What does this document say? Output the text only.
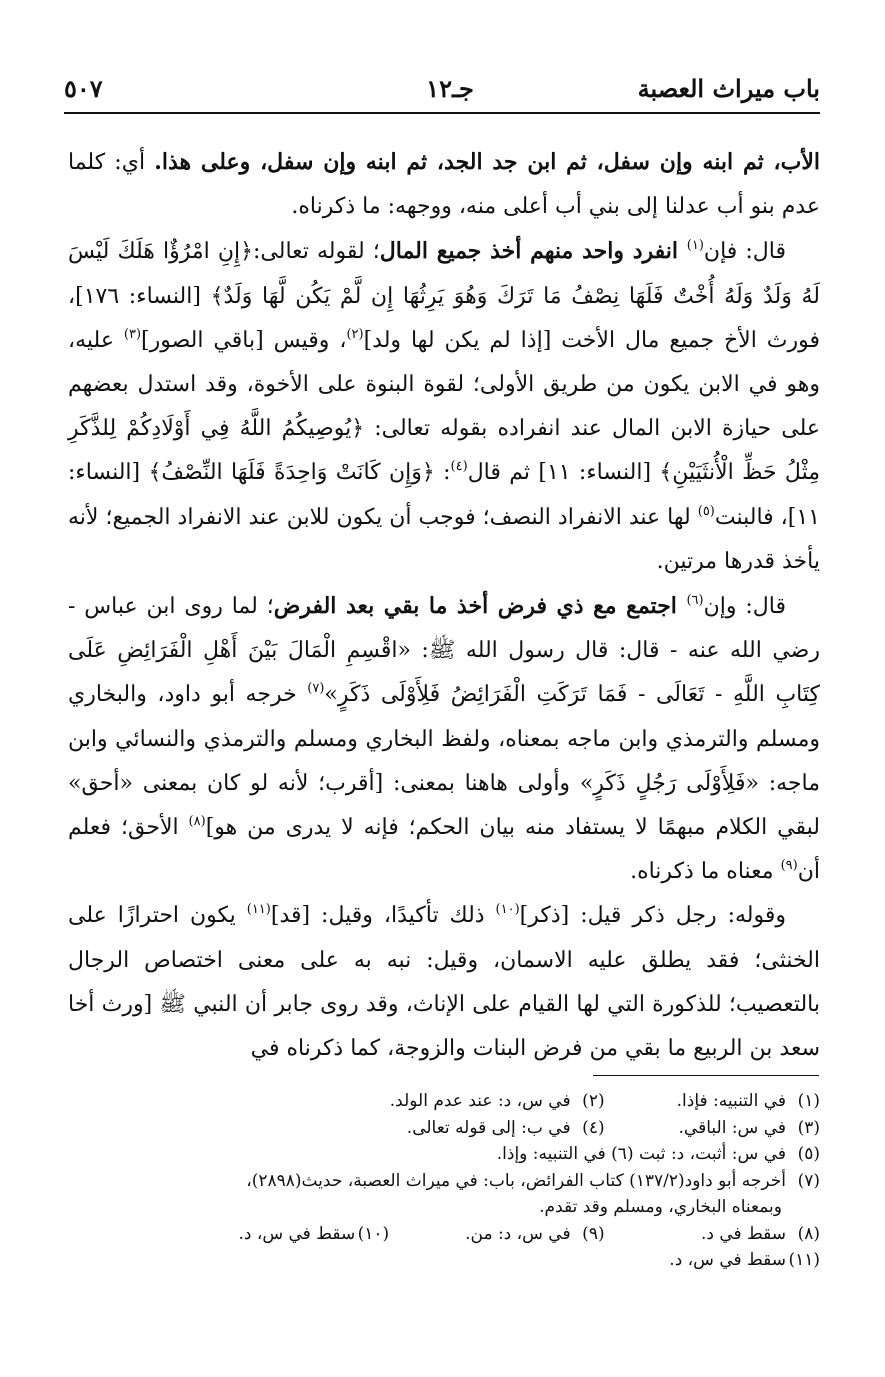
باب ميراث العصبة
جـ١٢
٥٠٧

الأب، ثم ابنه وإن سفل، ثم ابن جد الجد، ثم ابنه وإن سفل، وعلى هذا. أي: كلما عدم بنو أب عدلنا إلى بني أب أعلى منه، ووجهه: ما ذكرناه.

قال: فإن$^{(١)}$ انفرد واحد منهم أخذ جميع المال؛ لقوله تعالى:﴿إِنِ امْرُؤٌا هَلَكَ لَيْسَ لَهُ وَلَدٌ وَلَهُ أُخْتٌ فَلَهَا نِصْفُ مَا تَرَكَ وَهُوَ يَرِثُهَا إِن لَّمْ يَكُن لَّهَا وَلَدٌ﴾ [النساء: ١٧٦]، فورث الأخ جميع مال الأخت [إذا لم يكن لها ولد]$^{(٢)}$، وقيس [باقي الصور]$^{(٣)}$ عليه، وهو في الابن يكون من طريق الأولى؛ لقوة البنوة على الأخوة، وقد استدل بعضهم على حيازة الابن المال عند انفراده بقوله تعالى: ﴿يُوصِيكُمُ اللَّهُ فِي أَوْلَادِكُمْ لِلذَّكَرِ مِثْلُ حَظِّ الْأُنثَيَيْنِ﴾ [النساء: ١١] ثم قال$^{(٤)}$: ﴿وَإِن كَانَتْ وَاحِدَةً فَلَهَا النِّصْفُ﴾ [النساء: ١١]، فالبنت$^{(٥)}$ لها عند الانفراد النصف؛ فوجب أن يكون للابن عند الانفراد الجميع؛ لأنه يأخذ قدرها مرتين.

قال: وإن$^{(٦)}$ اجتمع مع ذي فرض أخذ ما بقي بعد الفرض؛ لما روى ابن عباس - رضي الله عنه - قال: قال رسول الله ﷺ: «اقْسِمِ الْمَالَ بَيْنَ أَهْلِ الْفَرَائِضِ عَلَى كِتَابِ اللَّهِ - تَعَالَى - فَمَا تَرَكَتِ الْفَرَائِضُ فَلِأَوْلَى ذَكَرٍ»$^{(٧)}$ خرجه أبو داود، والبخاري ومسلم والترمذي وابن ماجه بمعناه، ولفظ البخاري ومسلم والترمذي والنسائي وابن ماجه: «فَلِأَوْلَى رَجُلٍ ذَكَرٍ» وأولى هاهنا بمعنى: [أقرب؛ لأنه لو كان بمعنى «أحق» لبقي الكلام مبهمًا لا يستفاد منه بيان الحكم؛ فإنه لا يدرى من هو]$^{(٨)}$ الأحق؛ فعلم أن$^{(٩)}$ معناه ما ذكرناه.

وقوله: رجل ذكر قيل: [ذكر]$^{(١٠)}$ ذلك تأكيدًا، وقيل: [قد]$^{(١١)}$ يكون احترازًا على الخنثى؛ فقد يطلق عليه الاسمان، وقيل: نبه به على معنى اختصاص الرجال بالتعصيب؛ للذكورة التي لها القيام على الإناث، وقد روى جابر أن النبي ﷺ [ورث أخا سعد بن الربيع ما بقي من فرض البنات والزوجة، كما ذكرناه في

(١)في التنبيه: فإذا. (٢)في س، د: عند عدم الولد.
(٣)في س: الباقي. (٤)في ب: إلى قوله تعالى.
(٥)في س: أثبت، د: ثبت (٦) في التنبيه: وإذا.
(٧)أخرجه أبو داود(١٣٧/٢) كتاب الفرائض، باب: في ميراث العصبة، حديث(٢٨٩٨)،
وبمعناه البخاري، ومسلم وقد تقدم.
(٨)سقط في د. (٩)في س، د: من. (١٠)سقط في س، د.
(١١)سقط في س، د.
